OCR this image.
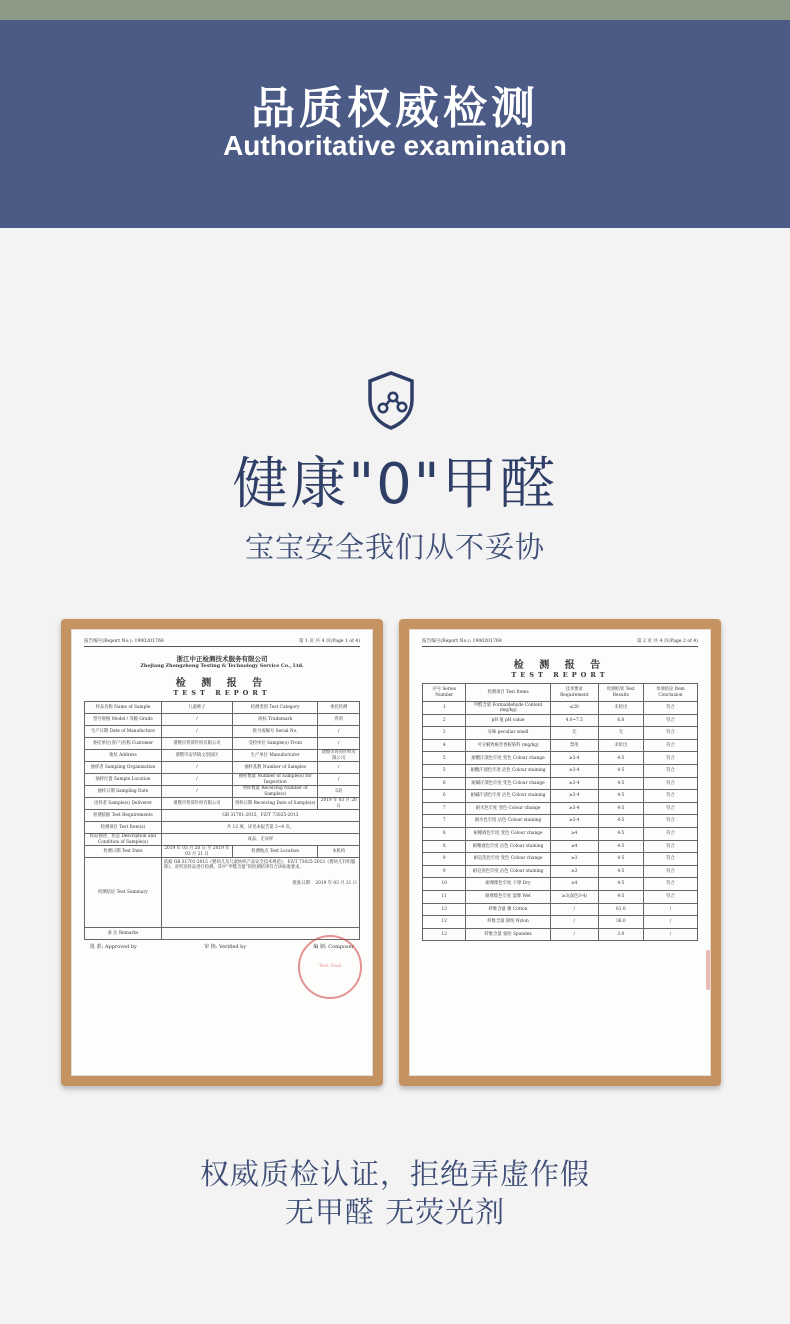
品质权威检测
Authoritative examination
健康"0"甲醛
宝宝安全我们从不妥协
报告编号(Report No.): 1900201768	第 1 页 共 4 页(Page 1 of 4)
浙江中正检测技术服务有限公司
Zhejiang Zhongzheng Testing & Technology Service Co., Ltd.
检 测 报 告
TEST REPORT
样品名称 Name of Sample	儿童裤子	检测类别 Test Category	委托检测
型号规格 Model / 等级 Grade	/	商标 Trademark	背荷
生产日期 Date of Manufacture	/	批号或编号 Serial No.	/
委托单位(客户)名称 Customer	诸暨市背荷针织有限公司	受检单位 Sample(s) From	/
地址 Address	诸暨市安华镇文创园区	生产单位 Manufacturer	诸暨市背荷针织有限公司
抽样者 Sampling Organization	/	抽样基数 Number of Samples	/
抽样位置 Sample Location	/	抽样数量 Number of Sample(s) for Inspection	/
抽样日期 Sampling Date	/	到样数量 Receiving Number of Sample(s)	5双
送样者 Sample(s) Deliverer	诸暨市背荷针织有限公司	到样日期 Receiving Date of Sample(s)	2019 年 03 月 20 日
检测依据 Test Requirements	GB 31701-2015、FZ/T 73025-2013		
检测项目 Test Item(s)	共 12 项，详见本报告第 2~4 页。		
样品描述、状态 Description and Condition of Sample(s)	成品、无异样		
检测日期 Test Date	2019 年 03 月 20 日 至 2019 年 03 月 21 日	检测地点 Test Location	本机构
检测结论 Test Summary	依据 GB 31701-2015《婴幼儿及儿童纺织产品安全技术规范》、FZ/T 73025-2013《婴幼儿针织服饰》，对所送样品进行检测。其中“甲醛含量”的检测结果符合该标准要求。

批准日期： 2019 年 03 月 21 日		

备 注 Remarks			
批 准: Approved by	审 核: Verified by	编 制: Composer
Test Seal
报告编号(Report No.): 1900201768	第 2 页 共 4 页(Page 2 of 4)
检 测 报 告
TEST REPORT
序号 Series Number	检测项目 Test Items	技术要求 Requirement	检测结果 Test Results	单项结论 Item Conclusion
1	甲醛含量 Formaldehyde Content (mg/kg)	≤20	未检出	符合
2	pH 值 pH value	4.0~7.5	6.8	符合
3	异味 peculiar smell	无	无	符合
4	可分解致癌芳香胺染料 (mg/kg)	禁用	未检出	符合
5	耐酸汗渍色牢度 变色 Colour change	≥3-4	4-5	符合
5	耐酸汗渍色牢度 沾色 Colour staining	≥3-4	4-5	符合
6	耐碱汗渍色牢度 变色 Colour change	≥3-4	4-5	符合
6	耐碱汗渍色牢度 沾色 Colour staining	≥3-4	4-5	符合
7	耐水色牢度 变色 Colour change	≥3-4	4-5	符合
7	耐水色牢度 沾色 Colour staining	≥3-4	4-5	符合
8	耐唾液色牢度 变色 Colour change	≥4	4-5	符合
8	耐唾液色牢度 沾色 Colour staining	≥4	4-5	符合
9	耐皂洗色牢度 变色 Colour change	≥3	4-5	符合
9	耐皂洗色牢度 沾色 Colour staining	≥3	4-5	符合
10	耐摩擦色牢度 干摩 Dry	≥4	4-5	符合
11	耐摩擦色牢度 湿摩 Wet	≥3(深色3-4)	4-5	符合
12	纤维含量 棉 Cotton	/	61.0	/
12	纤维含量 锦纶 Nylon	/	36.0	/
12	纤维含量 氨纶 Spandex	/	3.0	/
权威质检认证，拒绝弄虚作假
无甲醛 无荧光剂
